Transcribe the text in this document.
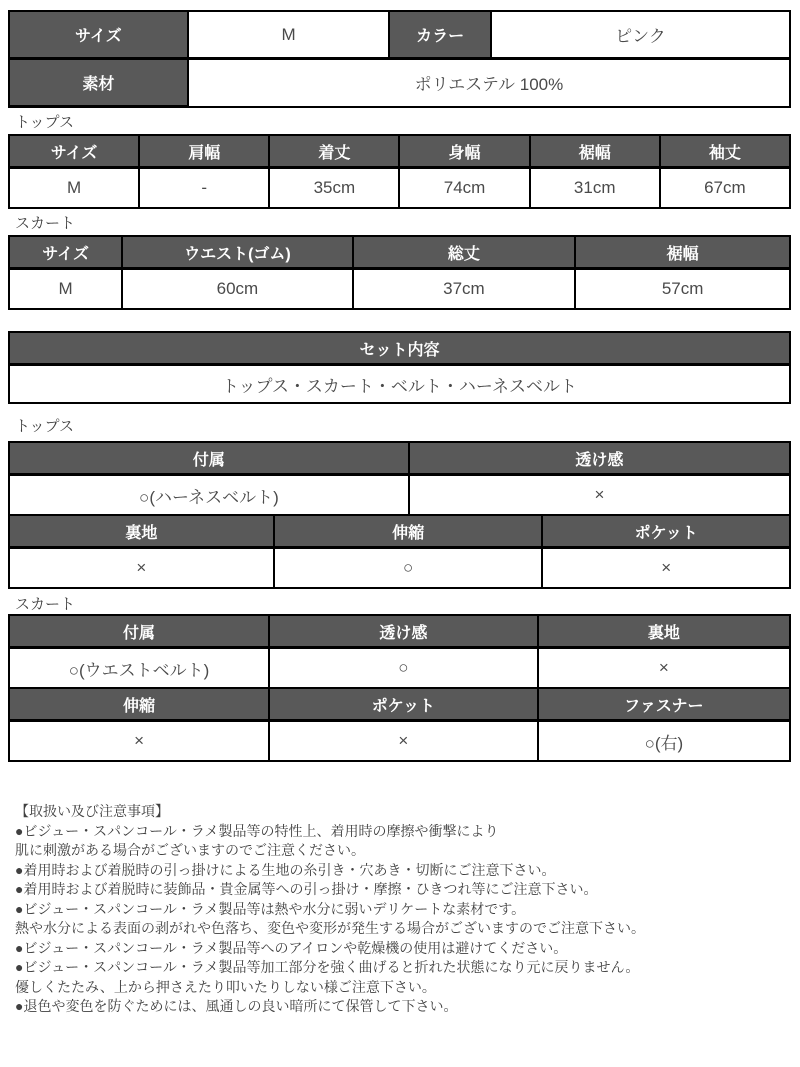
サイズ	M	カラー	ピンク
素材	ポリエステル 100%		
トップス
サイズ	肩幅	着丈	身幅	裾幅	袖丈
M	-	35cm	74cm	31cm	67cm
スカート
サイズ	ウエスト(ゴム)	総丈	裾幅
M	60cm	37cm	57cm
セット内容
トップス・スカート・ベルト・ハーネスベルト
トップス
付属	透け感
○(ハーネスベルト)	×
裏地	伸縮	ポケット
×	○	×
スカート
付属	透け感	裏地
○(ウエストベルト)	○	×
伸縮	ポケット	ファスナー
×	×	○(右)
【取扱い及び注意事項】
●ビジュー・スパンコール・ラメ製品等の特性上、着用時の摩擦や衝撃により
肌に刺激がある場合がございますのでご注意ください。
●着用時および着脱時の引っ掛けによる生地の糸引き・穴あき・切断にご注意下さい。
●着用時および着脱時に装飾品・貴金属等への引っ掛け・摩擦・ひきつれ等にご注意下さい。
●ビジュー・スパンコール・ラメ製品等は熱や水分に弱いデリケートな素材です。
熱や水分による表面の剥がれや色落ち、変色や変形が発生する場合がございますのでご注意下さい。
●ビジュー・スパンコール・ラメ製品等へのアイロンや乾燥機の使用は避けてください。
●ビジュー・スパンコール・ラメ製品等加工部分を強く曲げると折れた状態になり元に戻りません。
優しくたたみ、上から押さえたり叩いたりしない様ご注意下さい。
●退色や変色を防ぐためには、風通しの良い暗所にて保管して下さい。
